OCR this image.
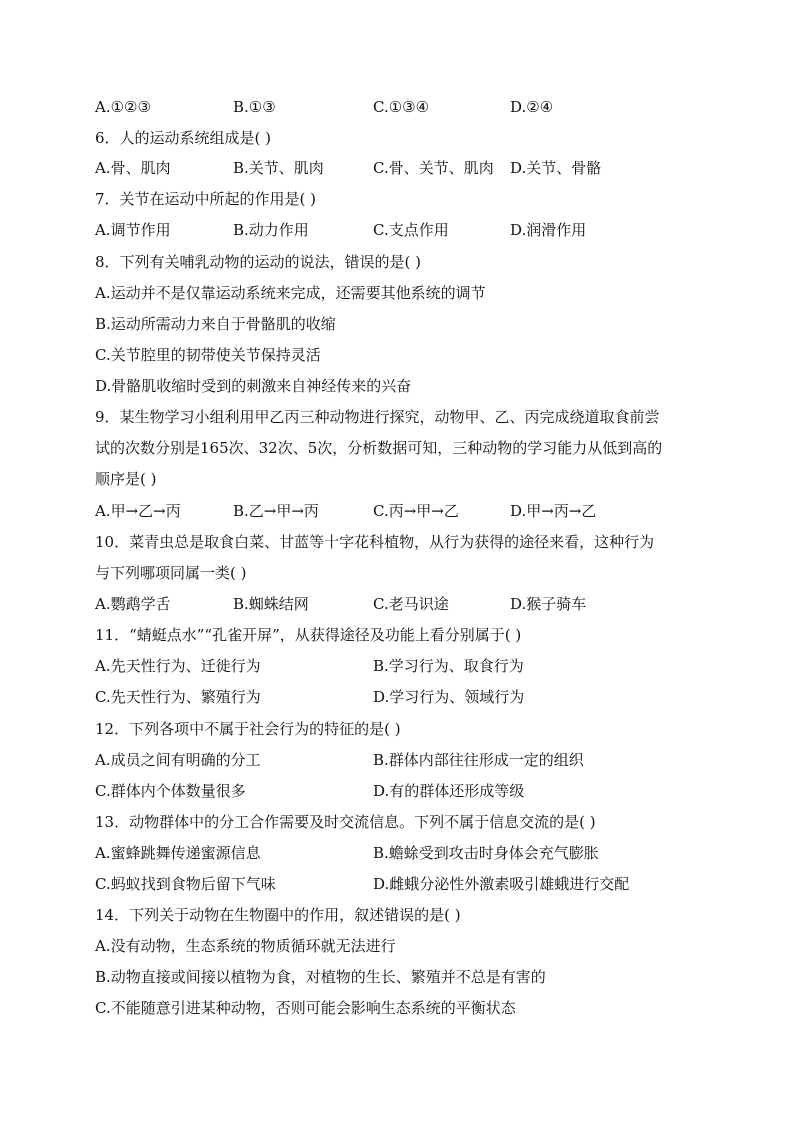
A.①②③	B.①③	C.①③④	D.②④
6．人的运动系统组成是( )
A.骨、肌肉	B.关节、肌肉	C.骨、关节、肌肉 D.关节、骨骼
7．关节在运动中所起的作用是( )
A.调节作用	B.动力作用	C.支点作用	D.润滑作用
8．下列有关哺乳动物的运动的说法，错误的是( )
A.运动并不是仅靠运动系统来完成，还需要其他系统的调节
B.运动所需动力来自于骨骼肌的收缩
C.关节腔里的韧带使关节保持灵活
D.骨骼肌收缩时受到的刺激来自神经传来的兴奋
9．某生物学习小组利用甲乙丙三种动物进行探究，动物甲、乙、丙完成绕道取食前尝
试的次数分别是165次、32次、5次，分析数据可知，三种动物的学习能力从低到高的
顺序是( )
A.甲→乙→丙	B.乙→甲→丙	C.丙→甲→乙	D.甲→丙→乙
10．菜青虫总是取食白菜、甘蓝等十字花科植物，从行为获得的途径来看，这种行为
与下列哪项同属一类( )
A.鹦鹉学舌	B.蜘蛛结网	C.老马识途	D.猴子骑车
11．“蜻蜓点水”“孔雀开屏”，从获得途径及功能上看分别属于( )
A.先天性行为、迁徙行为	B.学习行为、取食行为
C.先天性行为、繁殖行为	D.学习行为、领域行为
12．下列各项中不属于社会行为的特征的是( )
A.成员之间有明确的分工	B.群体内部往往形成一定的组织
C.群体内个体数量很多	D.有的群体还形成等级
13．动物群体中的分工合作需要及时交流信息。下列不属于信息交流的是( )
A.蜜蜂跳舞传递蜜源信息	B.蟾蜍受到攻击时身体会充气膨胀
C.蚂蚁找到食物后留下气味	D.雌蛾分泌性外激素吸引雄蛾进行交配
14．下列关于动物在生物圈中的作用，叙述错误的是( )
A.没有动物，生态系统的物质循环就无法进行
B.动物直接或间接以植物为食，对植物的生长、繁殖并不总是有害的
C.不能随意引进某种动物，否则可能会影响生态系统的平衡状态
